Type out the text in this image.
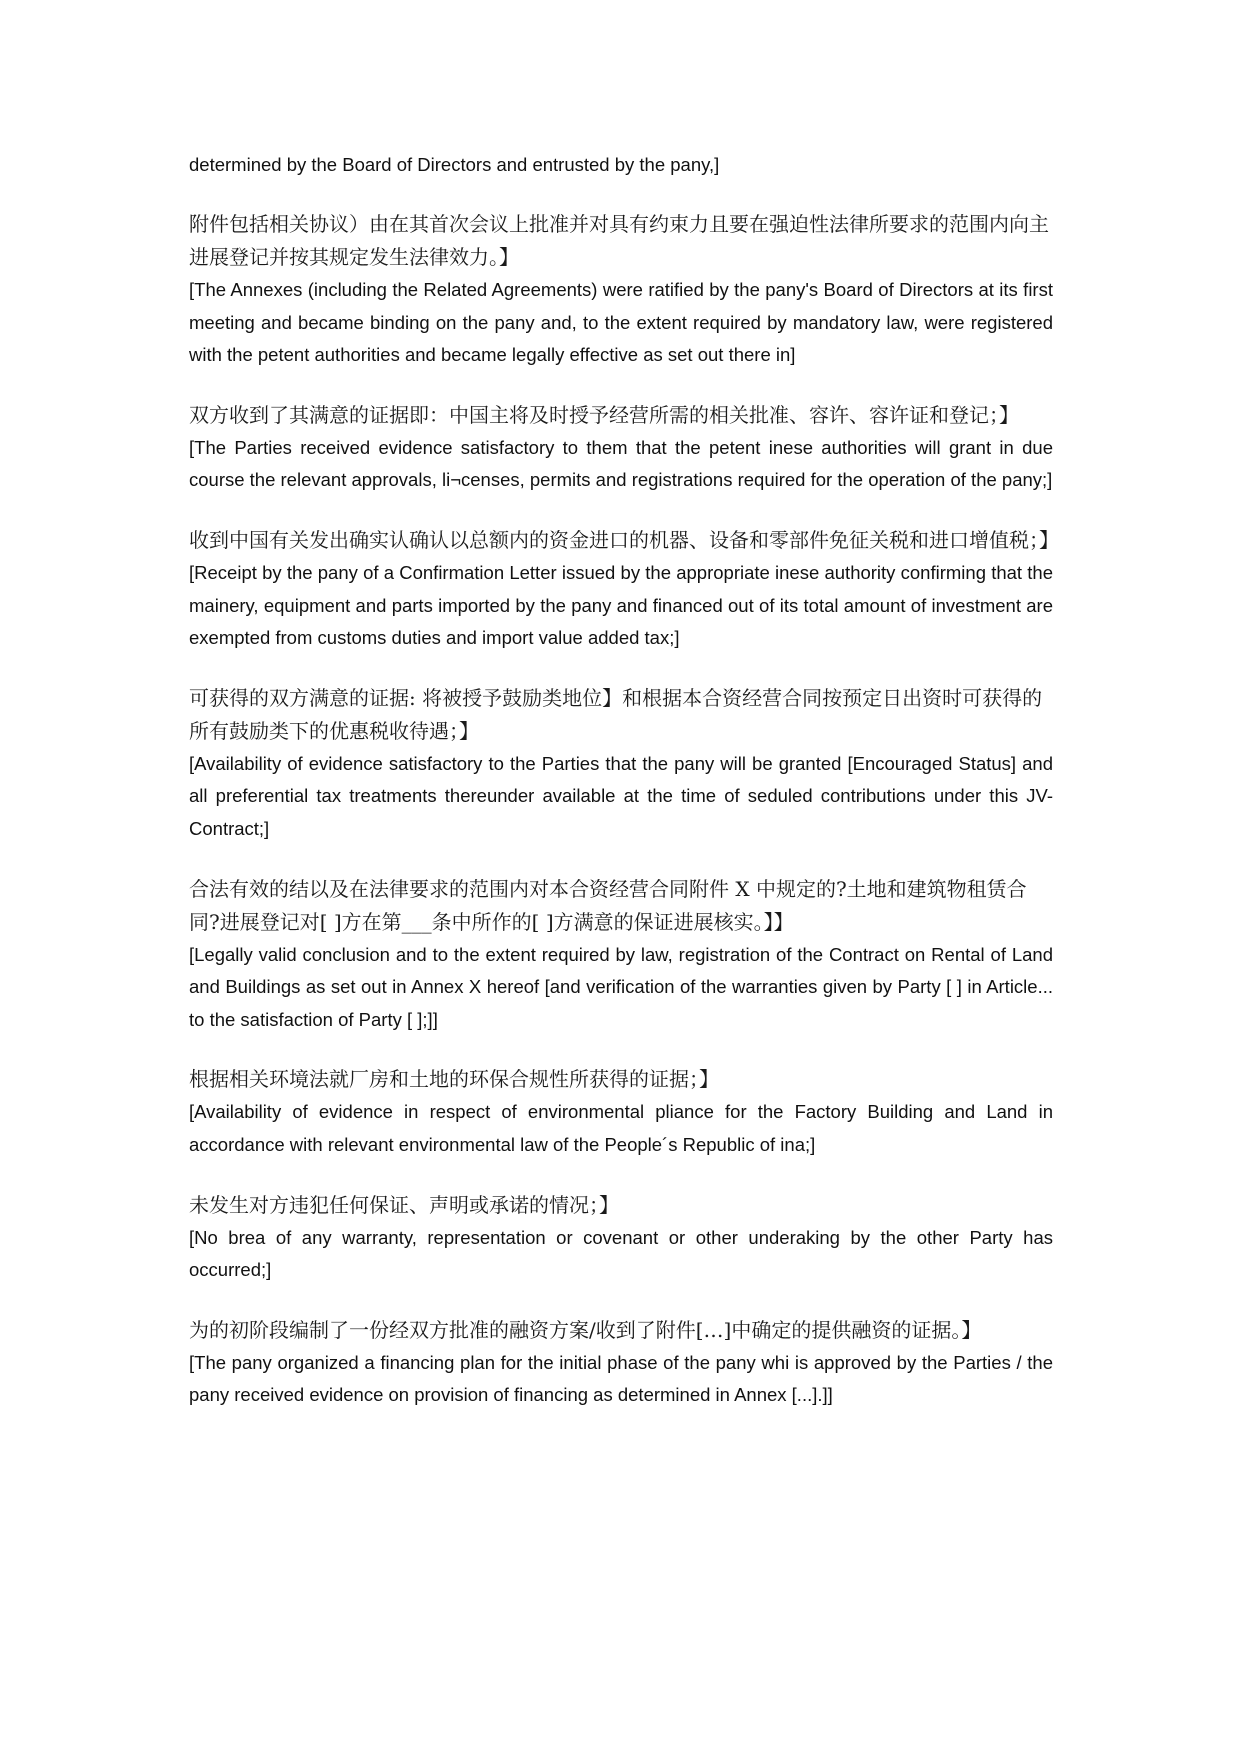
determined by the Board of Directors and entrusted by the pany,]

附件包括相关协议）由在其首次会议上批准并对具有约束力且要在强迫性法律所要求的范围内向主进展登记并按其规定发生法律效力。】

[The Annexes (including the Related Agreements) were ratified by the pany's Board of Directors at its first meeting and became binding on the pany and, to the extent required by mandatory law, were registered with the petent authorities and became legally effective as set out there in]

双方收到了其满意的证据即：中国主将及时授予经营所需的相关批准、容许、容许证和登记；】

[The Parties received evidence satisfactory to them that the petent inese authorities will grant in due course the relevant approvals, li¬censes, permits and registrations required for the operation of the pany;]

收到中国有关发出确实认确认以总额内的资金进口的机器、设备和零部件免征关税和进口增值税；】

[Receipt by the pany of a Confirmation Letter issued by the appropriate inese authority confirming that the mainery, equipment and parts imported by the pany and financed out of its total amount of investment are exempted from customs duties and import value added tax;]

可获得的双方满意的证据: 将被授予鼓励类地位】和根据本合资经营合同按预定日出资时可获得的所有鼓励类下的优惠税收待遇；】

[Availability of evidence satisfactory to the Parties that the pany will be granted [Encouraged Status] and all preferential tax treatments thereunder available at the time of seduled contributions under this JV-Contract;]

合法有效的结以及在法律要求的范围内对本合资经营合同附件 X 中规定的?土地和建筑物租赁合同?进展登记对[ ]方在第___条中所作的[ ]方满意的保证进展核实。】】

[Legally valid conclusion and to the extent required by law, registration of the Contract on Rental of Land and Buildings as set out in Annex X hereof [and verification of the warranties given by Party [ ] in Article... to the satisfaction of Party [ ];]]

根据相关环境法就厂房和土地的环保合规性所获得的证据；】

[Availability of evidence in respect of environmental pliance for the Factory Building and Land in accordance with relevant environmental law of the People´s Republic of ina;]

未发生对方违犯任何保证、声明或承诺的情况；】

[No brea of any warranty, representation or covenant or other underaking by the other Party has occurred;]

为的初阶段编制了一份经双方批准的融资方案/收到了附件[…]中确定的提供融资的证据。】

[The pany organized a financing plan for the initial phase of the pany whi is approved by the Parties / the pany received evidence on provision of financing as determined in Annex [...].]]
